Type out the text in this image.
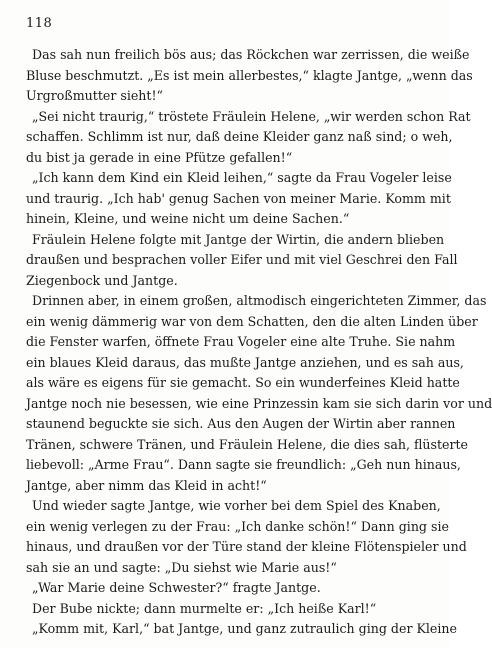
118
Das sah nun freilich bös aus; das Röckchen war zerrissen, die weiße
Bluse beschmutzt. „Es ist mein allerbestes,“ klagte Jantge, „wenn das
Urgroßmutter sieht!“
„Sei nicht traurig,“ tröstete Fräulein Helene, „wir werden schon Rat
schaffen. Schlimm ist nur, daß deine Kleider ganz naß sind; o weh,
du bist ja gerade in eine Pfütze gefallen!“
„Ich kann dem Kind ein Kleid leihen,“ sagte da Frau Vogeler leise
und traurig. „Ich hab' genug Sachen von meiner Marie. Komm mit
hinein, Kleine, und weine nicht um deine Sachen.“
Fräulein Helene folgte mit Jantge der Wirtin, die andern blieben
draußen und besprachen voller Eifer und mit viel Geschrei den Fall
Ziegenbock und Jantge.
Drinnen aber, in einem großen, altmodisch eingerichteten Zimmer, das
ein wenig dämmerig war von dem Schatten, den die alten Linden über
die Fenster warfen, öffnete Frau Vogeler eine alte Truhe. Sie nahm
ein blaues Kleid daraus, das mußte Jantge anziehen, und es sah aus,
als wäre es eigens für sie gemacht. So ein wunderfeines Kleid hatte
Jantge noch nie besessen, wie eine Prinzessin kam sie sich darin vor und
staunend beguckte sie sich. Aus den Augen der Wirtin aber rannen
Tränen, schwere Tränen, und Fräulein Helene, die dies sah, flüsterte
liebevoll: „Arme Frau“. Dann sagte sie freundlich: „Geh nun hinaus,
Jantge, aber nimm das Kleid in acht!“
Und wieder sagte Jantge, wie vorher bei dem Spiel des Knaben,
ein wenig verlegen zu der Frau: „Ich danke schön!“ Dann ging sie
hinaus, und draußen vor der Türe stand der kleine Flötenspieler und
sah sie an und sagte: „Du siehst wie Marie aus!“
„War Marie deine Schwester?“ fragte Jantge.
Der Bube nickte; dann murmelte er: „Ich heiße Karl!“
„Komm mit, Karl,“ bat Jantge, und ganz zutraulich ging der Kleine
